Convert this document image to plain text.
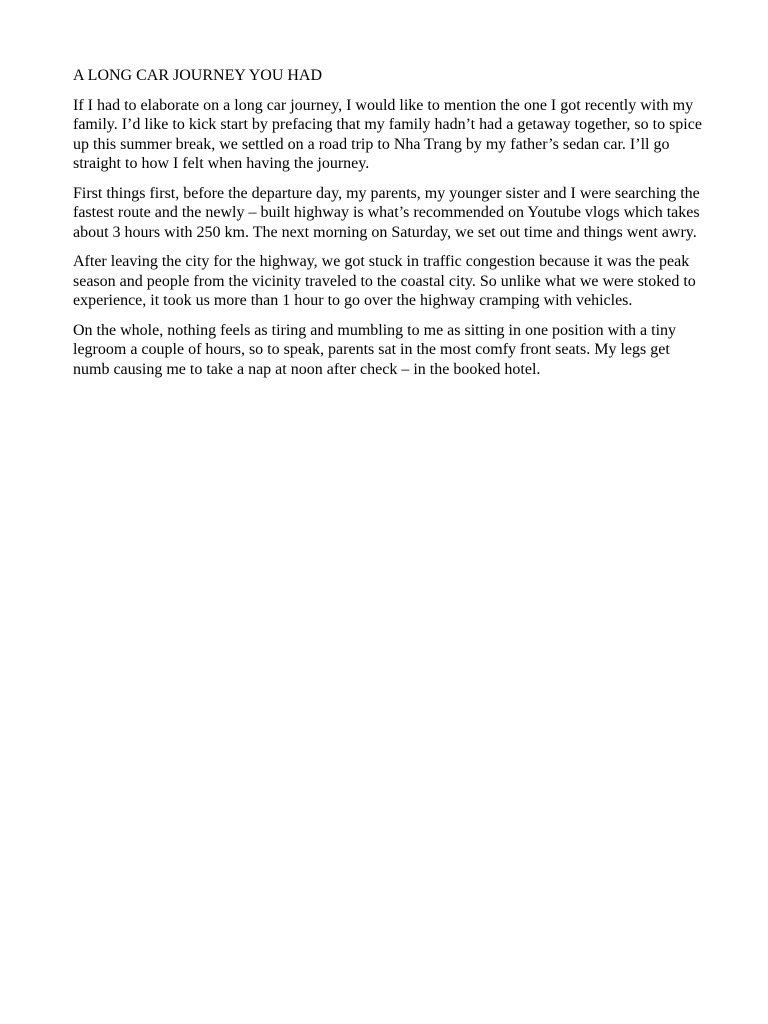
A LONG CAR JOURNEY YOU HAD

If I had to elaborate on a long car journey, I would like to mention the one I got recently with my family. I’d like to kick start by prefacing that my family hadn’t had a getaway together, so to spice up this summer break, we settled on a road trip to Nha Trang by my father’s sedan car. I’ll go straight to how I felt when having the journey.

First things first, before the departure day, my parents, my younger sister and I were searching the fastest route and the newly – built highway is what’s recommended on Youtube vlogs which takes about 3 hours with 250 km. The next morning on Saturday, we set out time and things went awry.

After leaving the city for the highway, we got stuck in traffic congestion because it was the peak season and people from the vicinity traveled to the coastal city. So unlike what we were stoked to experience, it took us more than 1 hour to go over the highway cramping with vehicles.

On the whole, nothing feels as tiring and mumbling to me as sitting in one position with a tiny legroom a couple of hours, so to speak, parents sat in the most comfy front seats. My legs get numb causing me to take a nap at noon after check – in the booked hotel.
